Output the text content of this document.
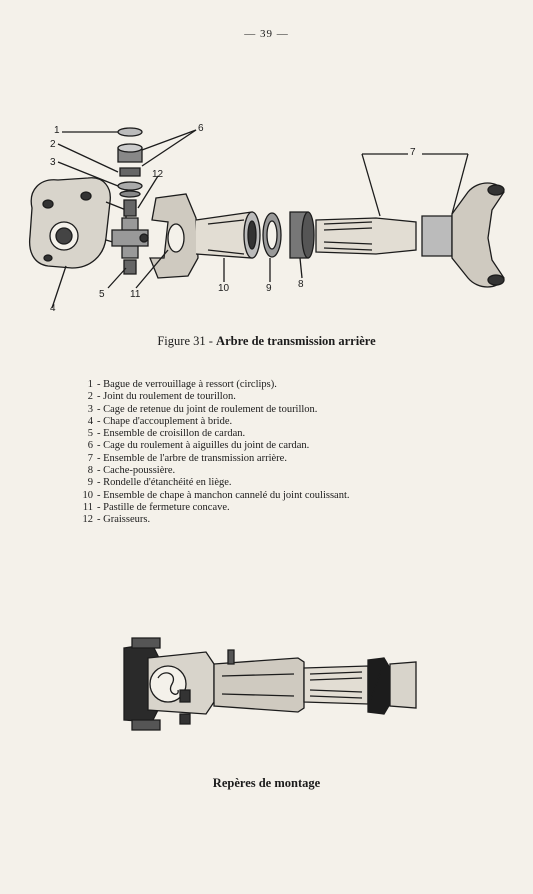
— 39 —
1
2
3
4
5
6
7
8
9
10
11
12
Figure 31 - Arbre de transmission arrière
1 - Bague de verrouillage à ressort (circlips).
2 - Joint du roulement de tourillon.
3 - Cage de retenue du joint de roulement de tourillon.
4 - Chape d'accouplement à bride.
5 - Ensemble de croisillon de cardan.
6 - Cage du roulement à aiguilles du joint de cardan.
7 - Ensemble de l'arbre de transmission arrière.
8 - Cache-poussière.
9 - Rondelle d'étanchéité en liège.
10 - Ensemble de chape à manchon cannelé du joint coulissant.
11 - Pastille de fermeture concave.
12 - Graisseurs.
Repères de montage
